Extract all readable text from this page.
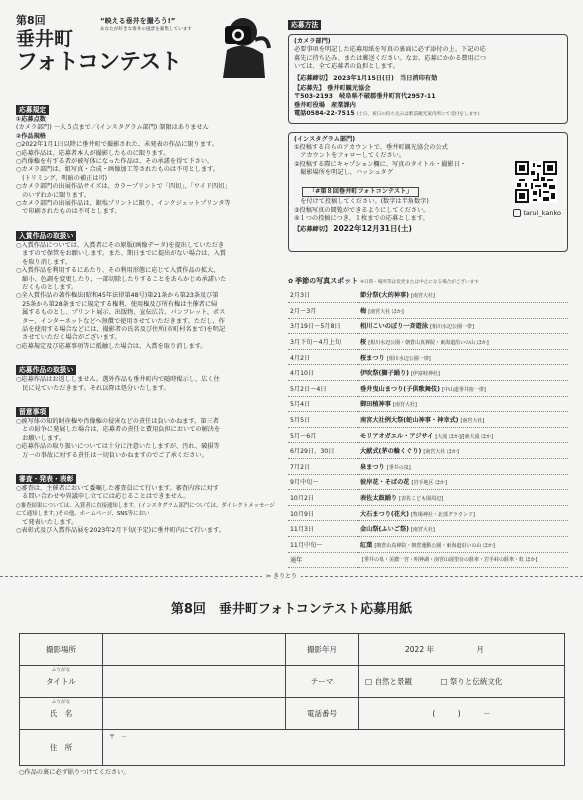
第8回
垂井町
フォトコンテスト
“映える垂井を撮ろう!”
あなたが好きな垂井の風景を募集しています
応募規定
①応募点数
(カメラ部門) 一人５点まで／(インスタグラム部門) 制限はありません
②作品規格
○2022年1月1日以降に垂井町で撮影された、未発表の作品に限ります。
○応募作品は、応募者本人が撮影したものに限ります。
○肖像権を有する者が被写体になった作品は、その承諾を得て下さい。
○カメラ部門は、組写真・合成・画像加工等されたものは不可とします。
　(トリミング、明暗の補正は可)
○カメラ部門の出展作品サイズは、カラープリントで「四切」、「ワイド四切」
　のいずれかに限ります。
○カメラ部門の出展作品は、銀塩プリントに限り、インクジェットプリンタ等
　で印刷されたものは不可とします。
入賞作品の取扱い
○入賞作品については、入賞者にその原版(画像データ)を提出していただき
　ますので保管をお願いします。また、期日までに提出がない場合は、入賞
　を取り消します。
○入賞作品を利用するにあたり、その利用形態に応じて入賞作品の拡大、
　縮小、色調を変更したり、一部切除したりすることをあらかじめ承諾いた
　だくものとします。
○全入賞作品の著作権法(昭和45年法律第48号)第21条から第23条及び第
　25条から第28条までに規定する権利、使用権及び所有権は主催者に帰
　属するものとし、プリント展示、出版物、宣伝広告、パンフレット、ポス
　ター、インターネットなどへ無償で使用させていただきます。ただし、作
　品を使用する場合などには、撮影者の氏名及び住所(市町村名まで)を明記
　させていただく場合がございます。
○応募規定及び応募事項等に抵触した場合は、入賞を取り消します。
応募作品の取扱い
○応募作品はお返ししません。選外作品も垂井町内で随時掲示し、広く住
　民に見ていただきます。それ以降は処分いたします。
留意事項
○被写体の知的財産権や肖像権の侵害などの責任は負いかねます。第三者
　との紛争に発展した場合は、応募者の責任と費用負担においての解決を
　お願いします。
○応募作品の取り扱いについては十分に注意いたしますが、汚れ、破損等
　万一の事故に対する責任は一切負いかねますのでご了承ください。
審査・発表・表彰
○審査は、主催者において委嘱した審査員にて行います。審査内容に対す
　る問い合わせや異議申し立てには応じることはできません。
○審査結果については、入賞者に直接通知します。(インスタグラム部門については、ダイレクトメッセージにて通知します。)その他、ホームページ、SNS等におい
　て発表いたします。
○表彰式及び入賞作品展を2023年2月下旬(予定)に垂井町内にて行います。
応募方法
(カメラ部門)
必要事項を明記した応募用紙を写真の裏面に必ず添付の上、下記の応
募先に持ち込み、または郵送ください。なお、応募にかかる費用につ
いては、全て応募者の負担とします。
【応募締切】 2023年1月15日(日)　当日消印有効
【応募先】 垂井町観光協会
〒503-2193　岐阜県不破郡垂井町宮代2957-11
垂井町役場　産業課内
電話0584-22-7515 (土日、祝日の持ち込みは駅前観光案内所にて受付をします)
(インスタグラム部門)
①投稿する自らのアカウントで、垂井町観光協会の公式
　アカウントをフォローしてください。
②投稿する際にキャプション欄に、写真のタイトル・撮影日・
　撮影場所を明記し、ハッシュタグ
「#第８回垂井町フォトコンテスト」
　を付けて投稿してください。(数字は半角数字)
③投稿写真の閲覧ができるようにしてください。
④１つの投稿につき、１枚までの応募とします。
【応募締切】 2022年12月31日(土)
tarui_kanko
✿ 季節の写真スポット ※日時・場所等は変更または中止になる場合がございます
2月3日	節分祭(大的神事) [南宮大社]
2月～3月	梅 [南宮大社 ほか]
3月19日～5月8日	相川こいのぼり一斉遊泳 [相川水辺公園一帯]
3月下旬～4月上旬	桜 [相川水辺公園・朝倉山真禅院・東海道沿いの山 ほか]
4月2日	桜まつり [相川水辺公園一帯]
4月10日	伊吹祭(獅子踊り) [伊富岐神社]
5月2日～4日	垂井曳山まつり(子供歌舞伎) [中山道垂井宿一帯]
5月4日	御田植神事 [南宮大社]
5月5日	南宮大社例大祭(蛇山神事・神幸式) [南宮大社]
5月～6月	モリアオガエル・アジサイ [大滝 ほか]/[東大滝 ほか]
6月29日、30日	大献式(茅の輪くぐり) [南宮大社 ほか]
7月2日	泉まつり [垂井の泉]
9月中旬～	彼岸花・そばの花 [岩手地区 ほか]
10月2日	表佐太鼓踊り [表佐こども園周辺]
10月9日	大石まつり(花火) [牧場神社・北部グラウンド]
11月3日	金山祭(ふいご祭) [南宮大社]
11月中旬～	紅葉 [朝倉山真禅院・朝倉運動公園・東海道沿いの山 ほか]
通年	[垂井の泉・美濃一宮・明神湖・南宮山展望台の駐車・岩手峠の駐車・虹 ほか]
✂ きりとり
第8回　垂井町フォトコンテスト応募用紙
撮影場所		撮影年月	2022 年 月

ふりがな
タイトル		テーマ	□ 自然と景観 □ 祭りと伝統文化

ふりがな
氏　名		電話番号	(　　　)　　　－
住　所	〒　－		
○作品の裏に必ず貼りつけてください。
